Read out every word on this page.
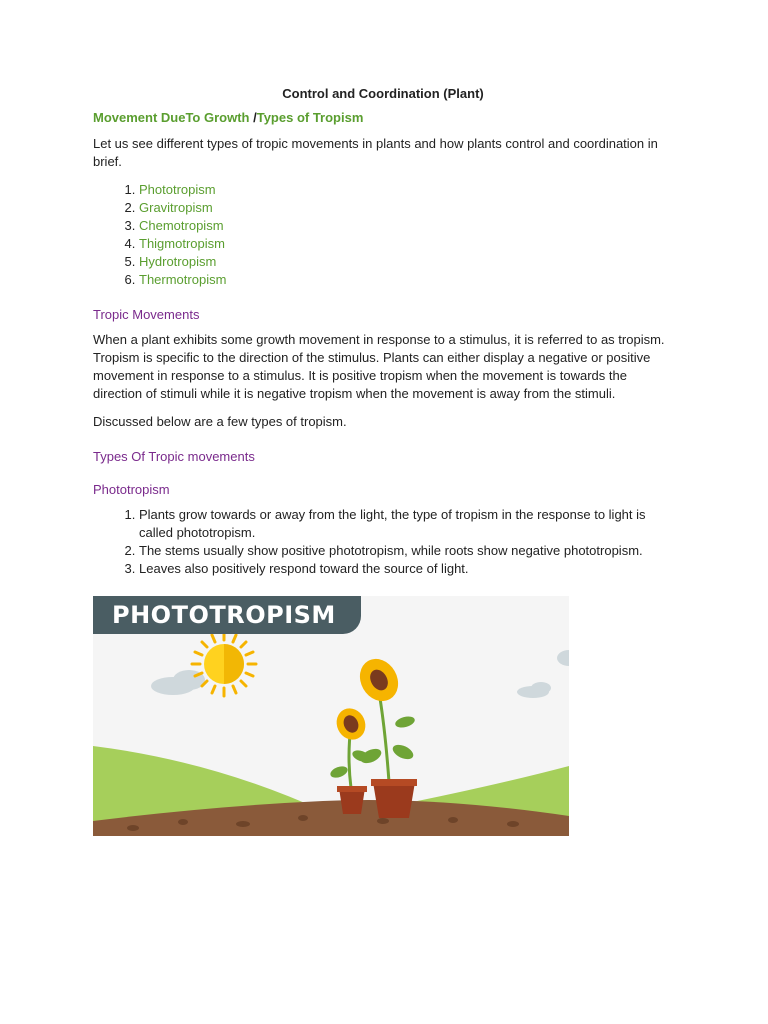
Control and Coordination (Plant)
Movement DueTo Growth /Types of Tropism

Let us see different types of tropic movements in plants and how plants control and coordination in brief.

1. Phototropism
2. Gravitropism
3. Chemotropism
4. Thigmotropism
5. Hydrotropism
6. Thermotropism
Tropic Movements

When a plant exhibits some growth movement in response to a stimulus, it is referred to as tropism. Tropism is specific to the direction of the stimulus. Plants can either display a negative or positive movement in response to a stimulus. It is positive tropism when the movement is towards the direction of stimuli while it is negative tropism when the movement is away from the stimuli.

Discussed below are a few types of tropism.

Types Of Tropic movements
Phototropism
1. Plants grow towards or away from the light, the type of tropism in the response to light is called phototropism.
2. The stems usually show positive phototropism, while roots show negative phototropism.
3. Leaves also positively respond toward the source of light.
PHOTOTROPISM
